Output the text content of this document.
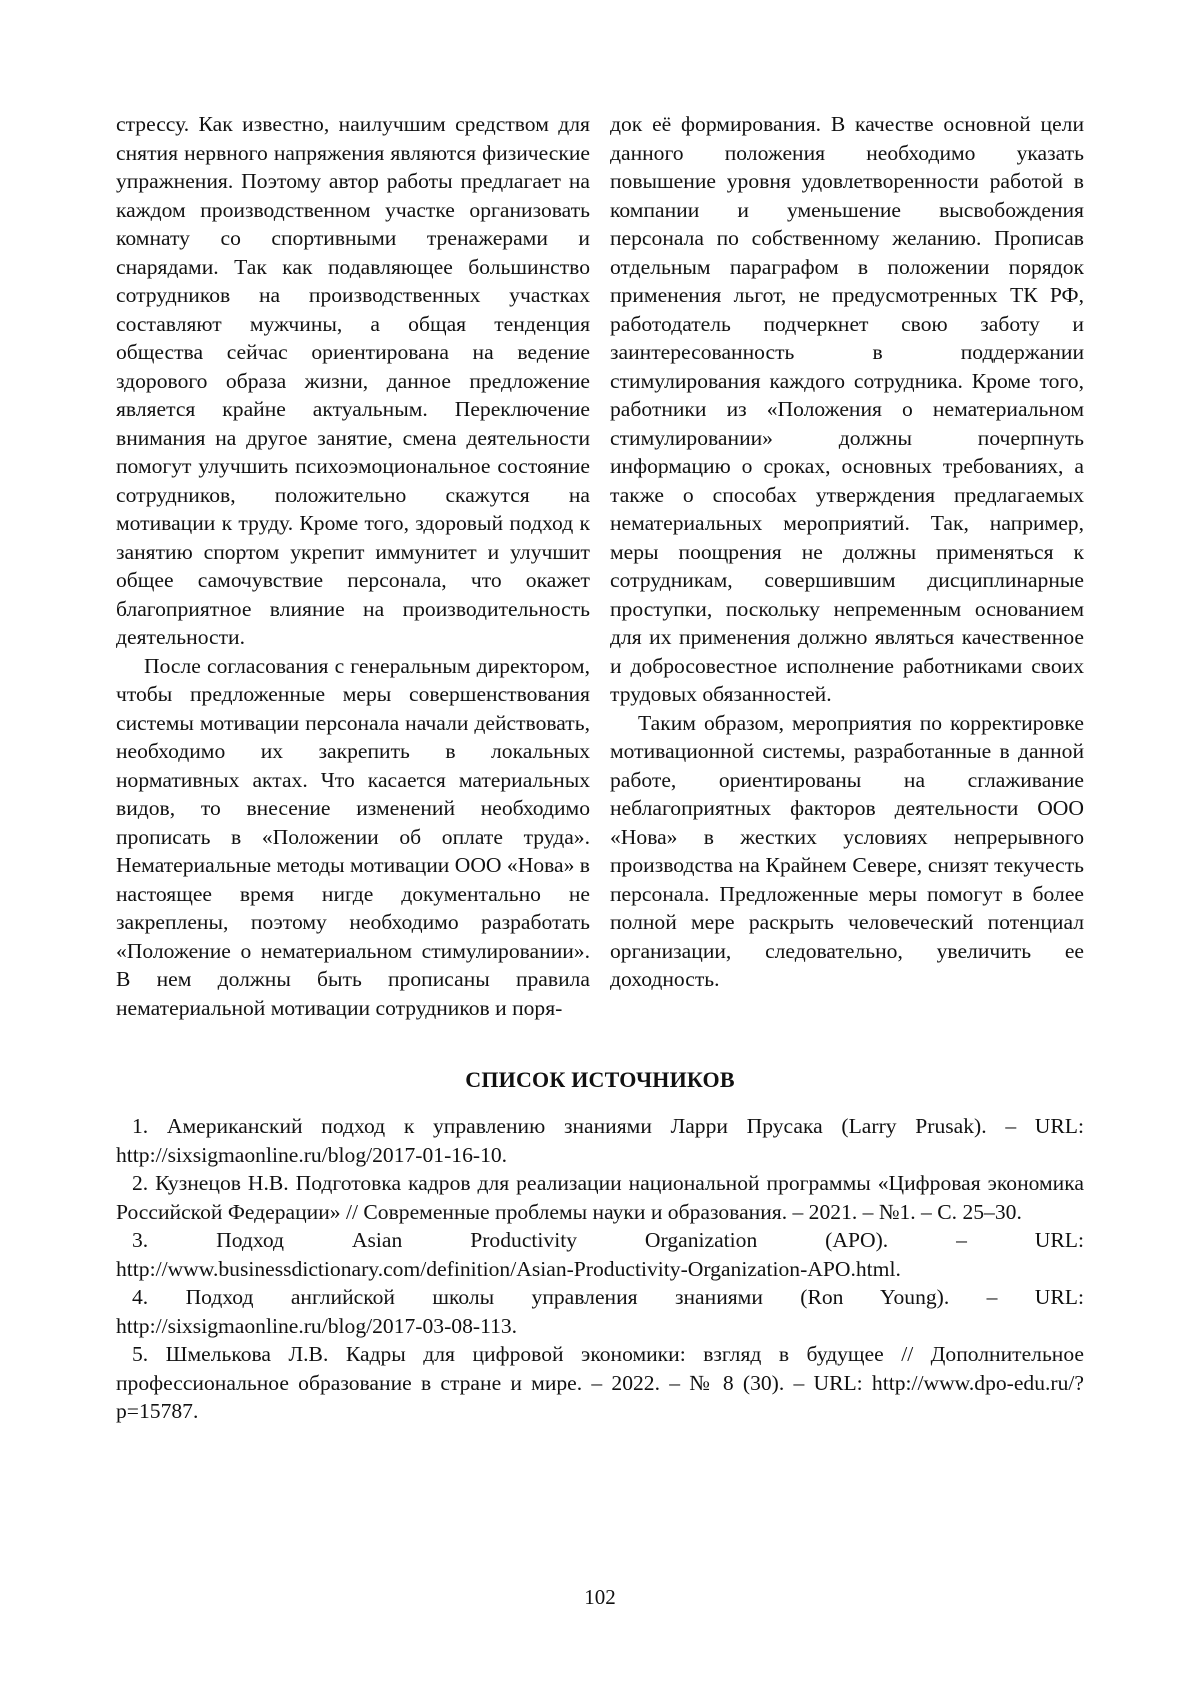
стрессу. Как известно, наилучшим средством для снятия нервного напряжения являются физические упражнения. Поэтому автор работы предлагает на каждом производственном участке организовать комнату со спортивными тренажерами и снарядами. Так как подавляющее большинство сотрудников на производственных участках составляют мужчины, а общая тенденция общества сейчас ориентирована на ведение здорового образа жизни, данное предложение является крайне актуальным. Переключение внимания на другое занятие, смена деятельности помогут улучшить психоэмоциональное состояние сотрудников, положительно скажутся на мотивации к труду. Кроме того, здоровый подход к занятию спортом укрепит иммунитет и улучшит общее самочувствие персонала, что окажет благоприятное влияние на производительность деятельности.

После согласования с генеральным директором, чтобы предложенные меры совершенствования системы мотивации персонала начали действовать, необходимо их закрепить в локальных нормативных актах. Что касается материальных видов, то внесение изменений необходимо прописать в «Положении об оплате труда». Нематериальные методы мотивации ООО «Нова» в настоящее время нигде документально не закреплены, поэтому необходимо разработать «Положение о нематериальном стимулировании». В нем должны быть прописаны правила нематериальной мотивации сотрудников и поря-

док её формирования. В качестве основной цели данного положения необходимо указать повышение уровня удовлетворенности работой в компании и уменьшение высвобождения персонала по собственному желанию. Прописав отдельным параграфом в положении порядок применения льгот, не предусмотренных ТК РФ, работодатель подчеркнет свою заботу и заинтересованность в поддержании стимулирования каждого сотрудника. Кроме того, работники из «Положения о нематериальном стимулировании» должны почерпнуть информацию о сроках, основных требованиях, а также о способах утверждения предлагаемых нематериальных мероприятий. Так, например, меры поощрения не должны применяться к сотрудникам, совершившим дисциплинарные проступки, поскольку непременным основанием для их применения должно являться качественное и добросовестное исполнение работниками своих трудовых обязанностей.

Таким образом, мероприятия по корректировке мотивационной системы, разработанные в данной работе, ориентированы на сглаживание неблагоприятных факторов деятельности ООО «Нова» в жестких условиях непрерывного производства на Крайнем Севере, снизят текучесть персонала. Предложенные меры помогут в более полной мере раскрыть человеческий потенциал организации, следовательно, увеличить ее доходность.

СПИСОК ИСТОЧНИКОВ

1. Американский подход к управлению знаниями Ларри Прусака (Larry Prusak). – URL: http://sixsigmaonline.ru/blog/2017-01-16-10.

2. Кузнецов Н.В. Подготовка кадров для реализации национальной программы «Цифровая экономика Российской Федерации» // Современные проблемы науки и образования. – 2021. – №1. – С. 25–30.

3. Подход Asian Productivity Organization (APO). – URL: http://www.businessdictionary.com/definition/Asian-Productivity-Organization-APO.html.

4. Подход английской школы управления знаниями (Ron Young). – URL: http://sixsigmaonline.ru/blog/2017-03-08-113.

5. Шмелькова Л.В. Кадры для цифровой экономики: взгляд в будущее // Дополнительное профессиональное образование в стране и мире. – 2022. – № 8 (30). – URL: http://www.dpo-edu.ru/?p=15787.

102
